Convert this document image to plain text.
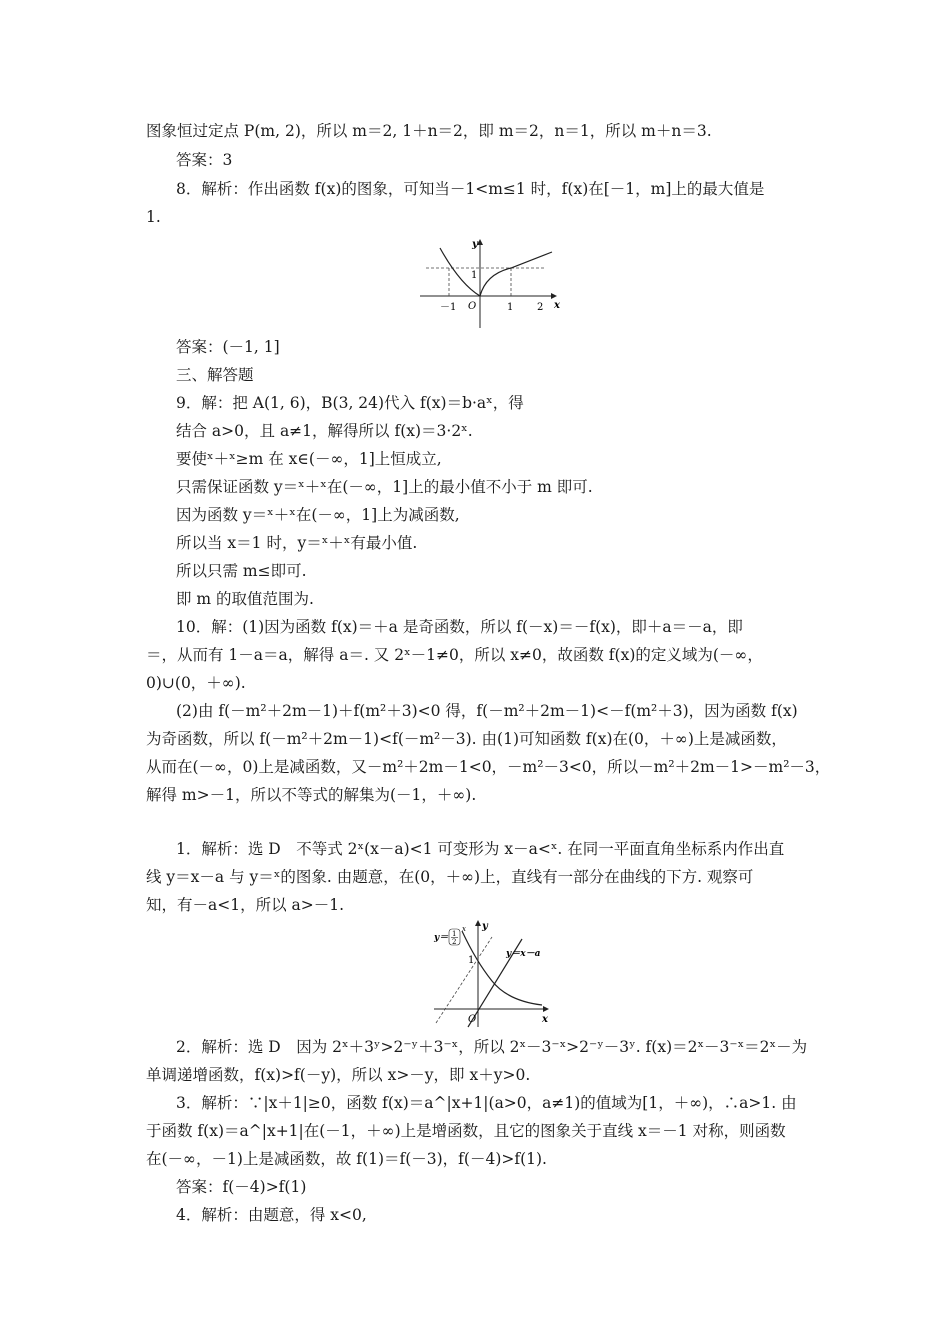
图象恒过定点 P(m, 2)，所以 m＝2, 1＋n＝2，即 m＝2，n＝1，所以 m＋n＝3.
答案：3
8．解析：作出函数 f(x)的图象，可知当－1<m≤1 时，f(x)在[－1，m]上的最大值是
1.
y
x
1
O
－1	1 2
答案：(－1, 1]
三、解答题
9．解：把 A(1, 6)，B(3, 24)代入 f(x)＝b·aˣ，得
结合 a>0，且 a≠1，解得所以 f(x)＝3·2ˣ.
要使ˣ＋ˣ≥m 在 x∈(－∞，1]上恒成立,
只需保证函数 y＝ˣ＋ˣ在(－∞，1]上的最小值不小于 m 即可.
因为函数 y＝ˣ＋ˣ在(－∞，1]上为减函数,
所以当 x＝1 时，y＝ˣ＋ˣ有最小值.
所以只需 m≤即可.
即 m 的取值范围为.
10．解：(1)因为函数 f(x)＝＋a 是奇函数，所以 f(－x)＝－f(x)，即＋a＝－a，即
＝，从而有 1－a＝a，解得 a＝. 又 2ˣ－1≠0，所以 x≠0，故函数 f(x)的定义域为(－∞，
0)∪(0，＋∞).
(2)由 f(－m²＋2m－1)＋f(m²＋3)<0 得，f(－m²＋2m－1)<－f(m²＋3)，因为函数 f(x)
为奇函数，所以 f(－m²＋2m－1)<f(－m²－3). 由(1)可知函数 f(x)在(0，＋∞)上是减函数，
从而在(－∞，0)上是减函数，又－m²＋2m－1<0，－m²－3<0，所以－m²＋2m－1>－m²－3，
解得 m>－1，所以不等式的解集为(－1，＋∞).
1．解析：选 D　不等式 2ˣ(x－a)<1 可变形为 x－a<ˣ. 在同一平面直角坐标系内作出直
线 y＝x－a 与 y＝ˣ的图象. 由题意，在(0，＋∞)上，直线有一部分在曲线的下方. 观察可
知，有－a<1，所以 a>－1.
y＝ 1
2
x
y＝x－a
y
x
1
O
2．解析：选 D　因为 2ˣ＋3ʸ>2⁻ʸ＋3⁻ˣ，所以 2ˣ－3⁻ˣ>2⁻ʸ－3ʸ. f(x)＝2ˣ－3⁻ˣ＝2ˣ－为
单调递增函数，f(x)>f(－y)，所以 x>－y，即 x＋y>0.
3．解析：∵|x＋1|≥0，函数 f(x)＝a^|x+1|(a>0，a≠1)的值域为[1，＋∞)，∴a>1. 由
于函数 f(x)＝a^|x+1|在(－1，＋∞)上是增函数，且它的图象关于直线 x＝－1 对称，则函数
在(－∞，－1)上是减函数，故 f(1)＝f(－3)，f(－4)>f(1).
答案：f(－4)>f(1)
4．解析：由题意，得 x<0,
